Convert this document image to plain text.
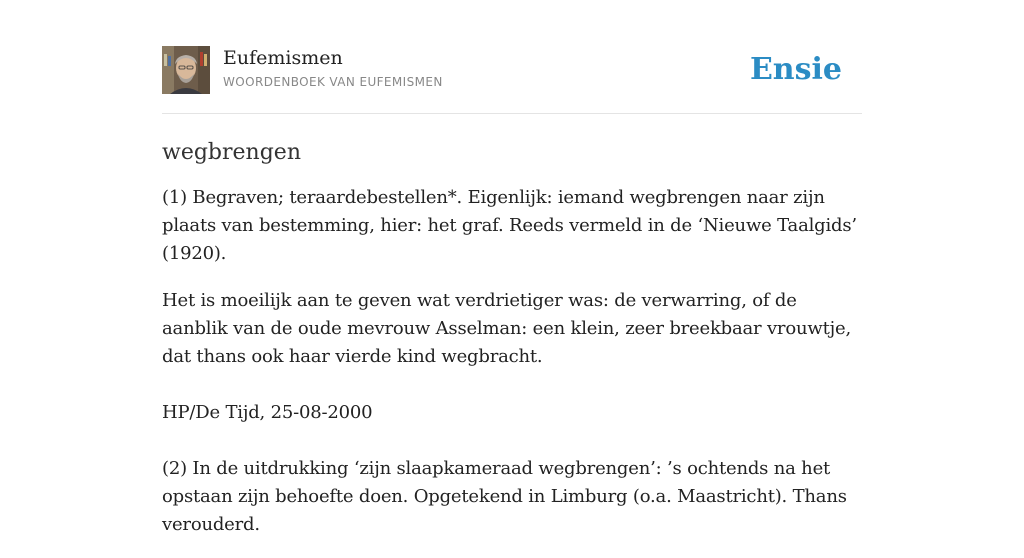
Eufemismen
WOORDENBOEK VAN EUFEMISMEN	Ensie
wegbrengen

(1) Begraven; teraardebestellen*. Eigenlijk: iemand wegbrengen naar zijn plaats van bestemming, hier: het graf. Reeds vermeld in de ‘Nieuwe Taalgids’ (1920).

Het is moeilijk aan te geven wat verdrietiger was: de verwarring, of de aanblik van de oude mevrouw Asselman: een klein, zeer breekbaar vrouwtje, dat thans ook haar vierde kind wegbracht.

HP/De Tijd, 25-08-2000

(2) In de uitdrukking ‘zijn slaapkameraad wegbrengen’: ’s ochtends na het opstaan zijn behoefte doen. Opgetekend in Limburg (o.a. Maastricht). Thans verouderd.
